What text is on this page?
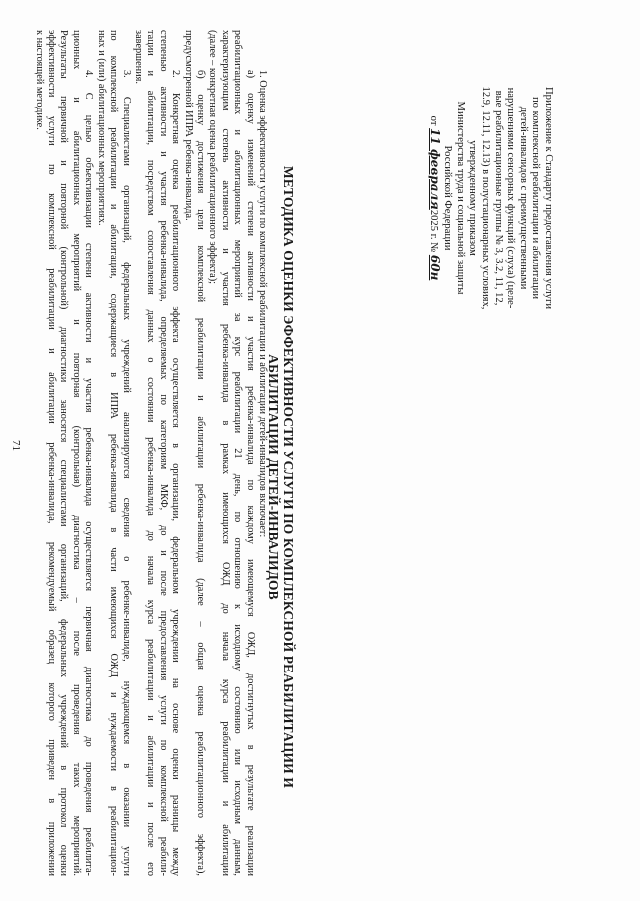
71
Приложение к Стандарту предоставления услуги
по комплексной реабилитации и абилитации
детей-инвалидов с преимущественными
нарушениями сенсорных функций (слуха) (целе-
вые реабилитационные группы № 3, 3.2, 11, 12,
12.9, 12.11, 12.13) в полустационарных условиях,
утвержденному приказом
Министерства труда и социальной защиты
Российской Федерации
от 11 февраля2025 г. № 60н
МЕТОДИКА ОЦЕНКИ ЭФФЕКТИВНОСТИ УСЛУГИ ПО КОМПЛЕКСНОЙ РЕАБИЛИТАЦИИ И
АБИЛИТАЦИИ ДЕТЕЙ-ИНВАЛИДОВ

1. Оценка эффективности услуги по комплексной реабилитации и абилитации детей-инвалидов включает:

а) оценку изменений степени активности и участия ребенка-инвалида по каждому имеющемуся ОЖД, достигнутых в результате реализации
реабилитационных и абилитационных мероприятий за курс реабилитации 21 день, по отношению к исходному состоянию или исходным данным,
характеризующим степень активности и участия ребенка-инвалида в рамках имеющихся ОЖД до начала курса реабилитации и абилитации
(далее – конкретная оценка реабилитационного эффекта);

б) оценку достижения цели комплексной реабилитации и абилитации ребенка-инвалида (далее – общая оценка реабилитационного эффекта),
предусмотренной ИПРА ребенка-инвалида.

2. Конкретная оценка реабилитационного эффекта осуществляется в организации, федеральном учреждении на основе оценки разницы между
степенью активности и участия ребенка-инвалида, определяемых по категориям МКФ, до и после предоставления услуги по комплексной реабили-
тации и абилитации, посредством сопоставления данных о состоянии ребенка-инвалида до начала курса реабилитации и абилитации и после его
завершения.

3. Специалистами организаций, федеральных учреждений анализируются сведения о ребенке-инвалиде, нуждающемся в оказании услуги
по комплексной реабилитации и абилитации, содержащиеся в ИПРА ребенка-инвалида в части имеющихся ОЖД и нуждаемости в реабилитацион-
ных и (или) абилитационных мероприятиях.

4. С целью объективизации степени активности и участия ребенка-инвалида осуществляется первичная диагностика до проведения реабилита-
ционных и абилитационных мероприятий и повторная (контрольная) диагностика – после проведения таких мероприятий.
Результаты первичной и повторной (контрольной) диагностики заносятся специалистами организаций, федеральных учреждений в протокол оценки
эффективности услуги по комплексной реабилитации и абилитации ребенка-инвалида, рекомендуемый образец которого приведен в приложении
к настоящей методике.
